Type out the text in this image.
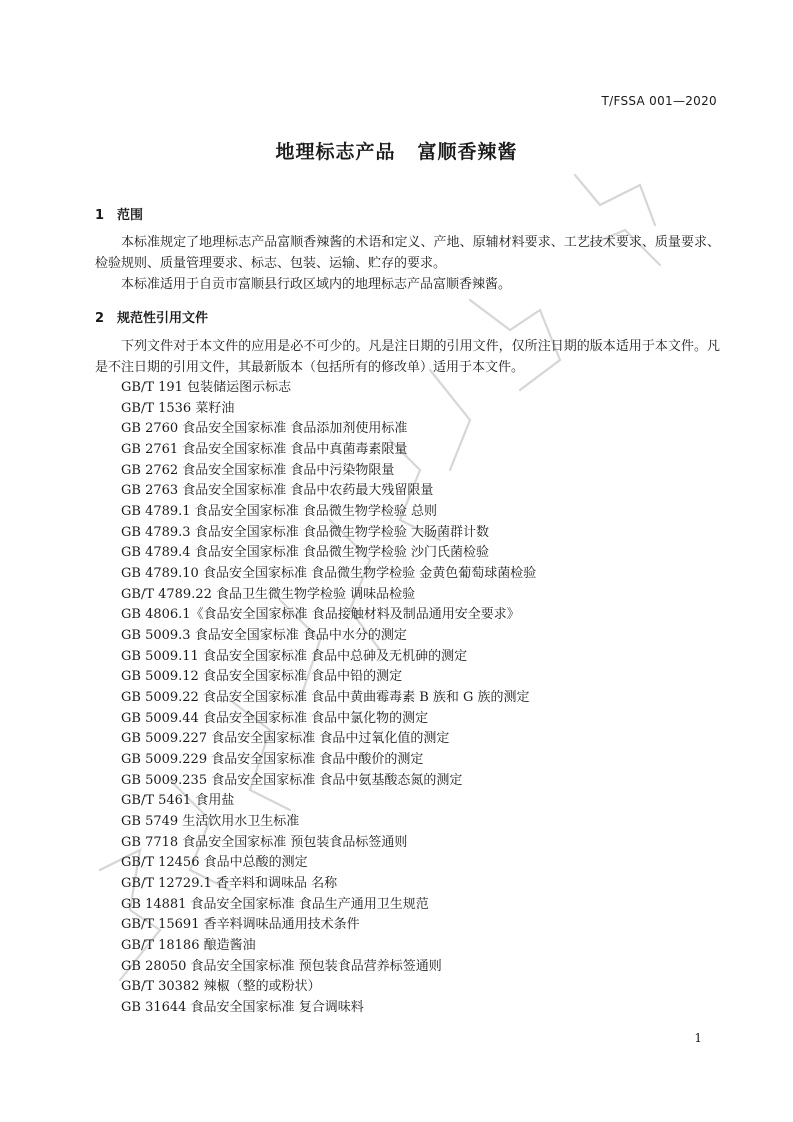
T/FSSA 001—2020
地理标志产品 富顺香辣酱
1 范围

本标准规定了地理标志产品富顺香辣酱的术语和定义、产地、原辅材料要求、工艺技术要求、质量要求、检验规则、质量管理要求、标志、包装、运输、贮存的要求。

本标准适用于自贡市富顺县行政区域内的地理标志产品富顺香辣酱。

2 规范性引用文件

下列文件对于本文件的应用是必不可少的。凡是注日期的引用文件，仅所注日期的版本适用于本文件。凡是不注日期的引用文件，其最新版本（包括所有的修改单）适用于本文件。

GB/T 191 包装储运图示标志
GB/T 1536 菜籽油
GB 2760 食品安全国家标准 食品添加剂使用标准
GB 2761 食品安全国家标准 食品中真菌毒素限量
GB 2762 食品安全国家标准 食品中污染物限量
GB 2763 食品安全国家标准 食品中农药最大残留限量
GB 4789.1 食品安全国家标准 食品微生物学检验 总则
GB 4789.3 食品安全国家标准 食品微生物学检验 大肠菌群计数
GB 4789.4 食品安全国家标准 食品微生物学检验 沙门氏菌检验
GB 4789.10 食品安全国家标准 食品微生物学检验 金黄色葡萄球菌检验
GB/T 4789.22 食品卫生微生物学检验 调味品检验
GB 4806.1《食品安全国家标准 食品接触材料及制品通用安全要求》
GB 5009.3 食品安全国家标准 食品中水分的测定
GB 5009.11 食品安全国家标准 食品中总砷及无机砷的测定
GB 5009.12 食品安全国家标准 食品中铅的测定
GB 5009.22 食品安全国家标准 食品中黄曲霉毒素 B 族和 G 族的测定
GB 5009.44 食品安全国家标准 食品中氯化物的测定
GB 5009.227 食品安全国家标准 食品中过氧化值的测定
GB 5009.229 食品安全国家标准 食品中酸价的测定
GB 5009.235 食品安全国家标准 食品中氨基酸态氮的测定
GB/T 5461 食用盐
GB 5749 生活饮用水卫生标准
GB 7718 食品安全国家标准 预包装食品标签通则
GB/T 12456 食品中总酸的测定
GB/T 12729.1 香辛料和调味品 名称
GB 14881 食品安全国家标准 食品生产通用卫生规范
GB/T 15691 香辛料调味品通用技术条件
GB/T 18186 酿造酱油
GB 28050 食品安全国家标准 预包装食品营养标签通则
GB/T 30382 辣椒（整的或粉状）
GB 31644 食品安全国家标准 复合调味料
1
